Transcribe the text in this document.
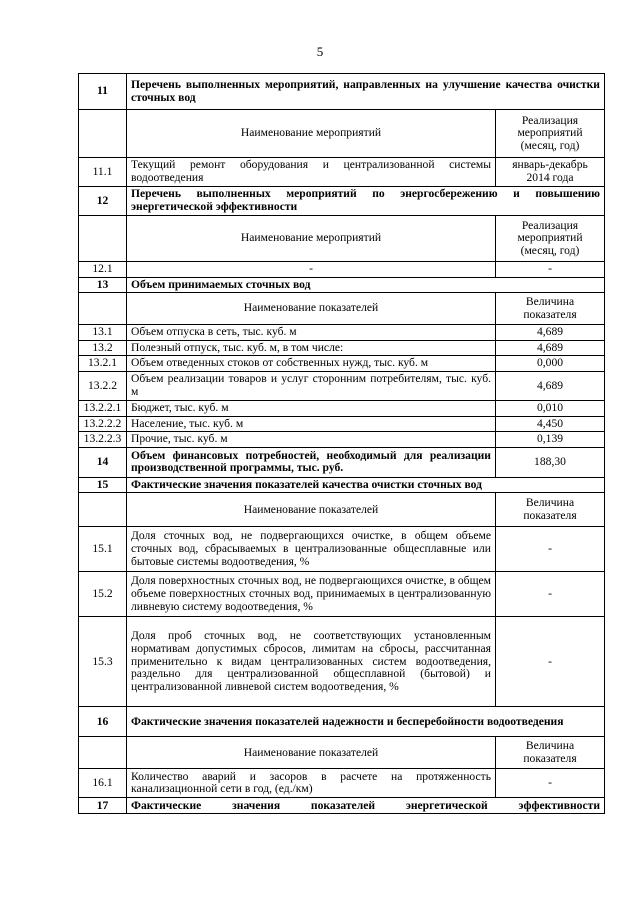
5
11	Перечень выполненных мероприятий, направленных на улучшение качества очистки сточных вод	
	Наименование мероприятий	Реализация мероприятий (месяц, год)
11.1	Текущий ремонт оборудования и централизованной системы водоотведения	январь-декабрь 2014 года
12	Перечень выполненных мероприятий по энергосбережению и повышению энергетической эффективности	
	Наименование мероприятий	Реализация мероприятий (месяц, год)
12.1	-	-
13	Объем принимаемых сточных вод	
	Наименование показателей	Величина показателя
13.1	Объем отпуска в сеть, тыс. куб. м	4,689
13.2	Полезный отпуск, тыс. куб. м, в том числе:	4,689
13.2.1	Объем отведенных стоков от собственных нужд, тыс. куб. м	0,000
13.2.2	Объем реализации товаров и услуг сторонним потребителям, тыс. куб. м	4,689
13.2.2.1	Бюджет, тыс. куб. м	0,010
13.2.2.2	Население, тыс. куб. м	4,450
13.2.2.3	Прочие, тыс. куб. м	0,139
14	Объем финансовых потребностей, необходимый для реализации производственной программы, тыс. руб.	188,30
15	Фактические значения показателей качества очистки сточных вод	
	Наименование показателей	Величина показателя
15.1	Доля сточных вод, не подвергающихся очистке, в общем объеме сточных вод, сбрасываемых в централизованные общесплавные или бытовые системы водоотведения, %	-
15.2	Доля поверхностных сточных вод, не подвергающихся очистке, в общем объеме поверхностных сточных вод, принимаемых в централизованную ливневую систему водоотведения, %	-
15.3	Доля проб сточных вод, не соответствующих установленным нормативам допустимых сбросов, лимитам на сбросы, рассчитанная применительно к видам централизованных систем водоотведения, раздельно для централизованной общесплавной (бытовой) и централизованной ливневой систем водоотведения, %	-
16	Фактические значения показателей надежности и бесперебойности водоотведения	
	Наименование показателей	Величина показателя
16.1	Количество аварий и засоров в расчете на протяженность канализационной сети в год, (ед./км)	-
17	Фактические значения показателей энергетической эффективности	
